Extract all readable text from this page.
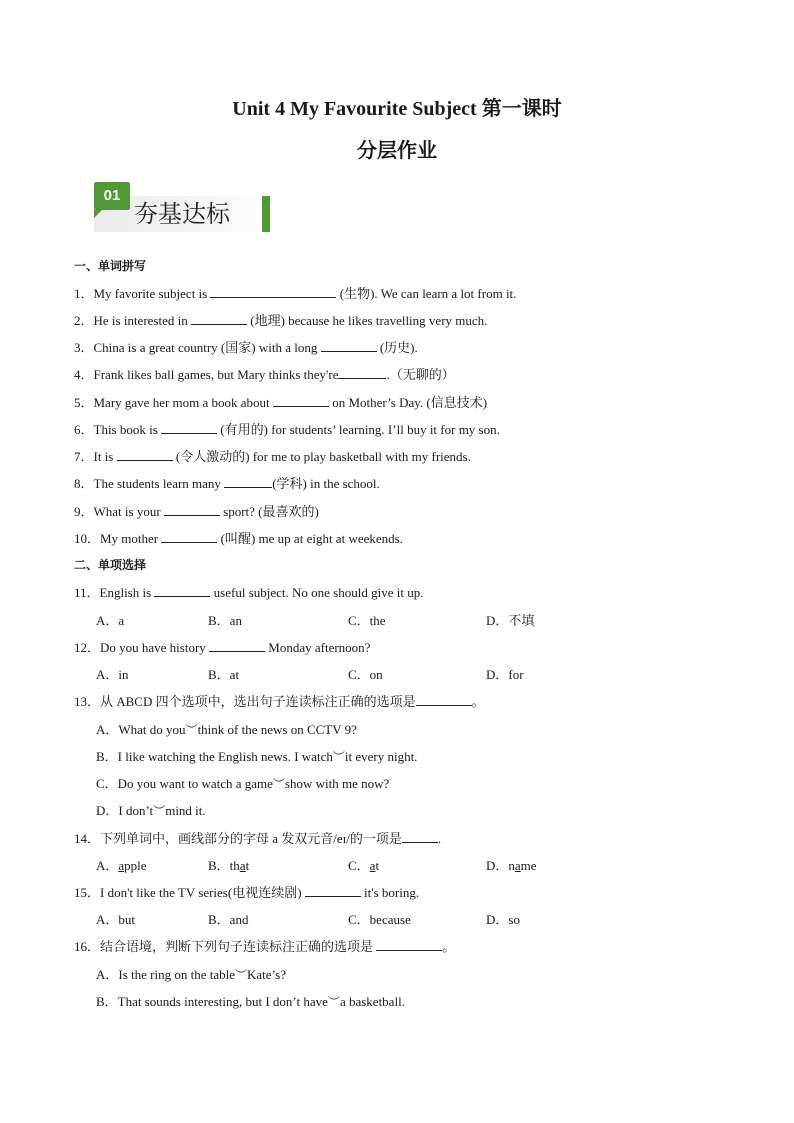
Unit 4 My Favourite Subject 第一课时
分层作业
01
夯基达标
一、单词拼写
1．My favorite subject is	(生物). We can learn a lot from it.
2．He is interested in	(地理) because he likes travelling very much.
3．China is a great country (国家) with a long	(历史).
4．Frank likes ball games, but Mary thinks they're	.（无聊的）
5．Mary gave her mom a book about	on Mother’s Day. (信息技术)
6．This book is	(有用的) for students’ learning. I’ll buy it for my son.
7．It is	(令人激动的) for me to play basketball with my friends.
8．The students learn many	(学科) in the school.
9．What is your	sport? (最喜欢的)
10．My mother	(叫醒) me up at eight at weekends.
二、单项选择
11．English is	useful subject. No one should give it up.
A．a	B．an	C．the	D．不填
12．Do you have history	Monday afternoon?
A．in	B．at	C．on	D．for
13．从 ABCD 四个选项中，选出句子连读标注正确的选项是	。
A．What do you︶think of the news on CCTV 9?
B．I like watching the English news. I watch︶it every night.
C．Do you want to watch a game︶show with me now?
D．I don’t︶mind it.
14．下列单词中，画线部分的字母 a 发双元音/eɪ/的一项是	.
A．apple	B．that	C．at	D．name
15．I don't like the TV series(电视连续剧)	it's boring.
A．but	B．and	C．because	D．so
16．结合语境，判断下列句子连读标注正确的选项是	。
A．Is the ring on the table︶Kate’s?
B．That sounds interesting, but I don’t have︶a basketball.
